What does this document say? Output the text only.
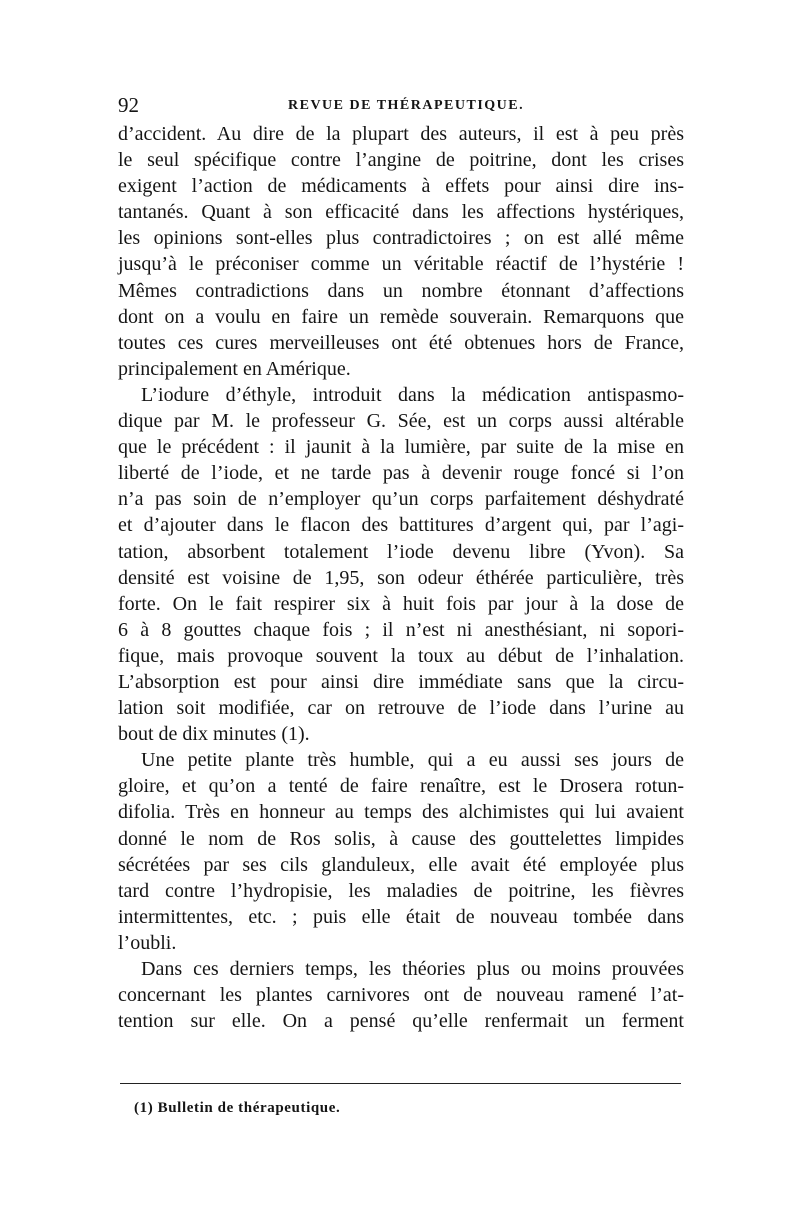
92	REVUE DE THÉRAPEUTIQUE.
d’accident. Au dire de la plupart des auteurs, il est à peu près
le seul spécifique contre l’angine de poitrine, dont les crises
exigent l’action de médicaments à effets pour ainsi dire ins-
tantanés. Quant à son efficacité dans les affections hystériques,
les opinions sont-elles plus contradictoires ; on est allé même
jusqu’à le préconiser comme un véritable réactif de l’hystérie !
Mêmes contradictions dans un nombre étonnant d’affections
dont on a voulu en faire un remède souverain. Remarquons que
toutes ces cures merveilleuses ont été obtenues hors de France,
principalement en Amérique.
L’iodure d’éthyle, introduit dans la médication antispasmo-
dique par M. le professeur G. Sée, est un corps aussi altérable
que le précédent : il jaunit à la lumière, par suite de la mise en
liberté de l’iode, et ne tarde pas à devenir rouge foncé si l’on
n’a pas soin de n’employer qu’un corps parfaitement déshydraté
et d’ajouter dans le flacon des battitures d’argent qui, par l’agi-
tation, absorbent totalement l’iode devenu libre (Yvon). Sa
densité est voisine de 1,95, son odeur éthérée particulière, très
forte. On le fait respirer six à huit fois par jour à la dose de
6 à 8 gouttes chaque fois ; il n’est ni anesthésiant, ni sopori-
fique, mais provoque souvent la toux au début de l’inhalation.
L’absorption est pour ainsi dire immédiate sans que la circu-
lation soit modifiée, car on retrouve de l’iode dans l’urine au
bout de dix minutes (1).
Une petite plante très humble, qui a eu aussi ses jours de
gloire, et qu’on a tenté de faire renaître, est le Drosera rotun-
difolia. Très en honneur au temps des alchimistes qui lui avaient
donné le nom de Ros solis, à cause des gouttelettes limpides
sécrétées par ses cils glanduleux, elle avait été employée plus
tard contre l’hydropisie, les maladies de poitrine, les fièvres
intermittentes, etc. ; puis elle était de nouveau tombée dans
l’oubli.
Dans ces derniers temps, les théories plus ou moins prouvées
concernant les plantes carnivores ont de nouveau ramené l’at-
tention sur elle. On a pensé qu’elle renfermait un ferment
(1) Bulletin de thérapeutique.
